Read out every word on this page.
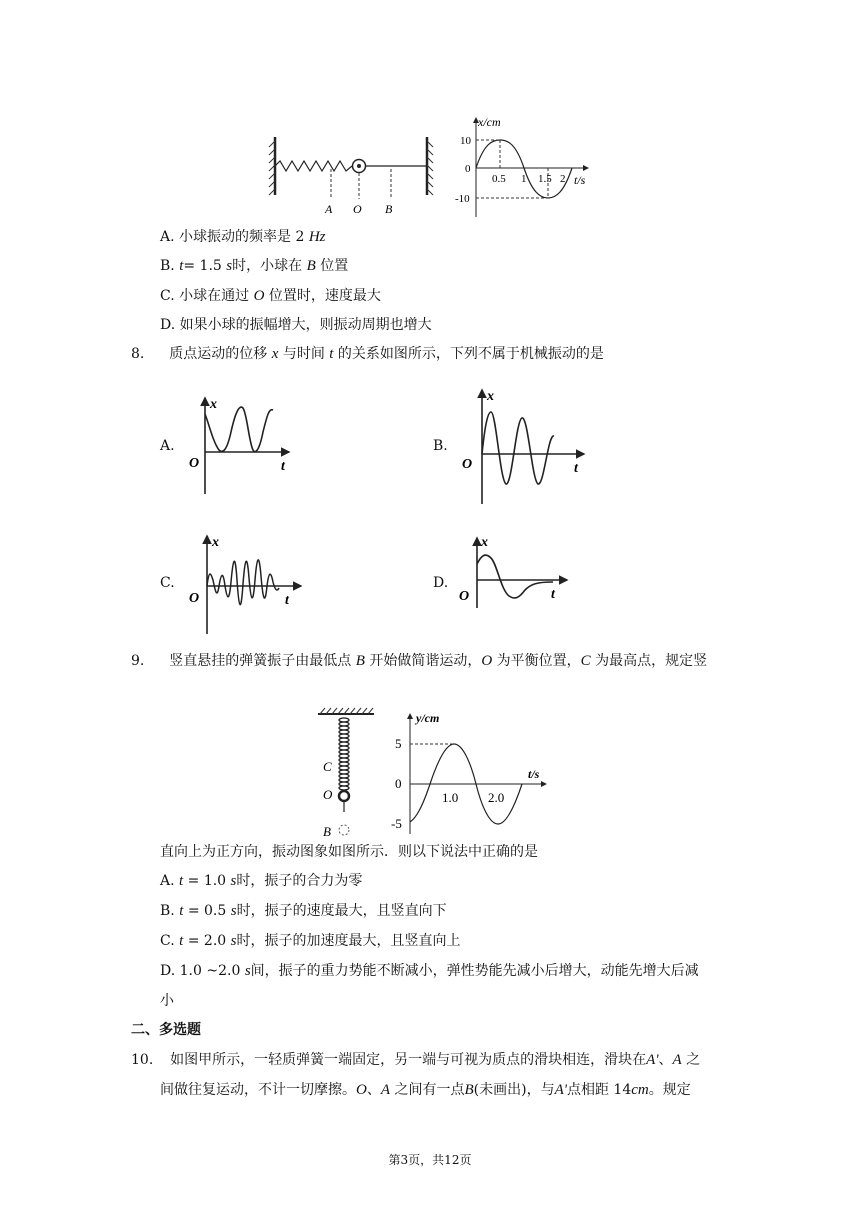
A O B
x/cm
t/s
10
0
-10
0.5 1 1.5 2
A. 小球振动的频率是 2 Hz
B. t= 1.5 s时，小球在 B 位置
C. 小球在通过 O 位置时，速度最大
D. 如果小球的振幅增大，则振动周期也增大
8. 质点运动的位移 x 与时间 t 的关系如图所示，下列不属于机械振动的是
A.
x
t
O
B.
x
t
O
C.
x
t
O
D.
x
t
O
9. 竖直悬挂的弹簧振子由最低点 B 开始做简谐运动，O 为平衡位置，C 为最高点，规定竖
C
O
B
y/cm
t/s
5
0
-5
1.0 2.0
直向上为正方向，振动图象如图所示．则以下说法中正确的是
A. t = 1.0 s时，振子的合力为零
B. t = 0.5 s时，振子的速度最大，且竖直向下
C. t = 2.0 s时，振子的加速度最大，且竖直向上
D. 1.0 ~2.0 s间，振子的重力势能不断减小，弹性势能先减小后增大，动能先增大后减
小
二、多选题
10. 如图甲所示，一轻质弹簧一端固定，另一端与可视为质点的滑块相连，滑块在A'、A 之
间做往复运动，不计一切摩擦。O、A 之间有一点B(未画出)，与A'点相距 14cm。规定
第3页，共12页
